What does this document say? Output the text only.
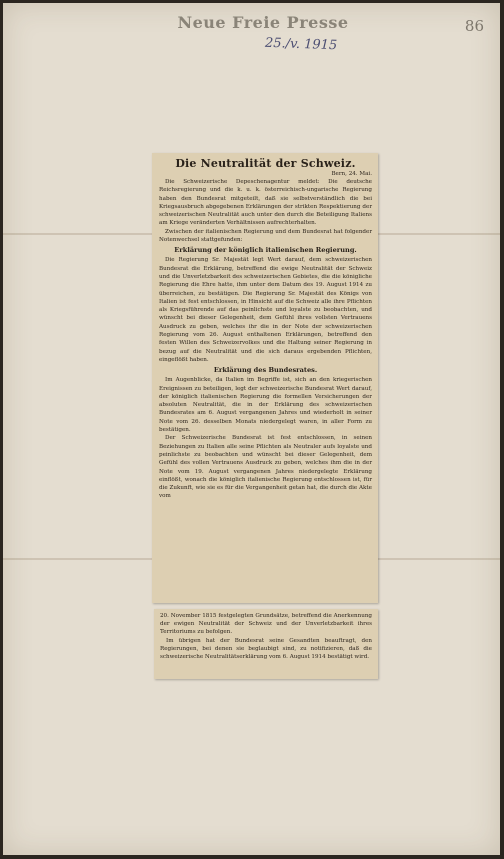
Neue Freie Presse	86
25./v. 1915
Die Neutralität der Schweiz.
Bern, 24. Mai.

Die Schweizerische Depeschenagentur meldet: Die deutsche Reichsregierung und die k. u. k. österreichisch-ungarische Regierung haben den Bundesrat mitgeteilt, daß sie selbstverständlich die bei Kriegsausbruch abgegebenen Erklärungen der strikten Respektierung der schweizerischen Neutralität auch unter den durch die Beteiligung Italiens am Kriege veränderten Verhältnissen aufrechterhalten.

Zwischen der italienischen Regierung und dem Bundesrat hat folgender Notenwechsel stattgefunden:

Erklärung der königlich italienischen Regierung.

Die Regierung Sr. Majestät legt Wert darauf, dem schweizerischen Bundesrat die Erklärung, betreffend die ewige Neutralität der Schweiz und die Unverletzbarkeit des schweizerischen Gebietes, die die königliche Regierung die Ehre hatte, ihm unter dem Datum des 19. August 1914 zu überreichen, zu bestätigen. Die Regierung Sr. Majestät des Königs von Italien ist fest entschlossen, in Hinsicht auf die Schweiz alle ihre Pflichten als Kriegsführende auf das peinlichste und loyalste zu beobachten, und wünscht bei dieser Gelegenheit, dem Gefühl ihres vollsten Vertrauens Ausdruck zu geben, welches ihr die in der Note der schweizerischen Regierung vom 26. August enthaltenen Erklärungen, betreffend den festen Willen des Schweizervolkes und die Haltung seiner Regierung in bezug auf die Neutralität und die sich daraus ergebenden Pflichten, eingeflößt haben.

Erklärung des Bundesrates.

Im Augenblicke, da Italien im Begriffe ist, sich an den kriegerischen Ereignissen zu beteiligen, legt der schweizerische Bundesrat Wert darauf, der königlich italienischen Regierung die formellen Versicherungen der absoluten Neutralität, die in der Erklärung des schweizerischen Bundesrates am 6. August vergangenen Jahres und wiederholt in seiner Note vom 26. desselben Monats niedergelegt waren, in aller Form zu bestätigen.

Der Schweizerische Bundesrat ist fest entschlossen, in seinen Beziehungen zu Italien alle seine Pflichten als Neutraler aufs loyalste und peinlichste zu beobachten und wünscht bei dieser Gelegenheit, dem Gefühl des vollen Vertrauens Ausdruck zu geben, welches ihm die in der Note vom 19. August vergangenen Jahres niedergelegte Erklärung einflößt, wonach die königlich italienische Regierung entschlossen ist, für die Zukunft, wie sie es für die Vergangenheit getan hat, die durch die Akte vom

20. November 1815 festgelegten Grundsätze, betreffend die Anerkennung der ewigen Neutralität der Schweiz und der Unverletzbarkeit ihres Territoriums zu befolgen.

Im übrigen hat der Bundesrat seine Gesandten beauftragt, den Regierungen, bei denen sie beglaubigt sind, zu notifizieren, daß die schweizerische Neutralitätserklärung vom 6. August 1914 bestätigt wird.
